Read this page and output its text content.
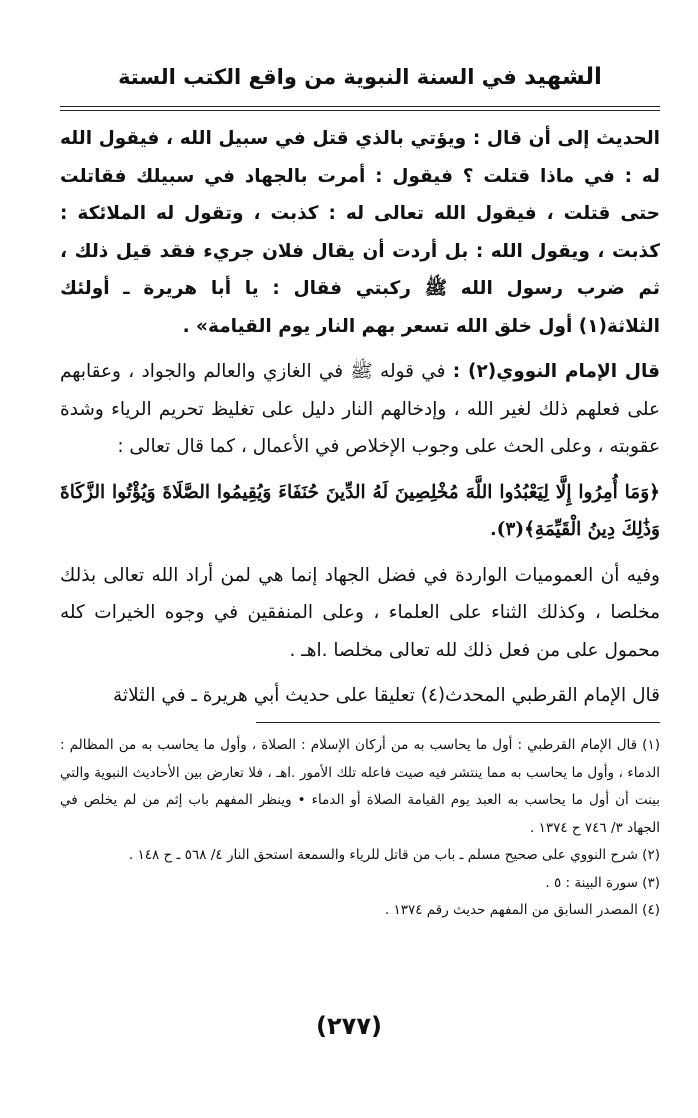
الشهيد في السنة النبوية من واقع الكتب الستة

الحديث إلى أن قال : ويؤتي بالذي قتل في سبيل الله ، فيقول الله له : في ماذا قتلت ؟ فيقول : أمرت بالجهاد في سبيلك فقاتلت حتى قتلت ، فيقول الله تعالى له : كذبت ، وتقول له الملائكة : كذبت ، ويقول الله : بل أردت أن يقال فلان جريء فقد قيل ذلك ، ثم ضرب رسول الله ﷺ ركبتي فقال : يا أبا هريرة ـ أولئك الثلاثة(١) أول خلق الله تسعر بهم النار يوم القيامة» .

قال الإمام النووي(٢) : في قوله ﷺ في الغازي والعالم والجواد ، وعقابهم على فعلهم ذلك لغير الله ، وإدخالهم النار دليل على تغليظ تحريم الرياء وشدة عقوبته ، وعلى الحث على وجوب الإخلاص في الأعمال ، كما قال تعالى :

﴿وَمَا أُمِرُوا إِلَّا لِيَعْبُدُوا اللَّهَ مُخْلِصِينَ لَهُ الدِّينَ حُنَفَاءَ وَيُقِيمُوا الصَّلَاةَ وَيُؤْتُوا الزَّكَاةَ وَذَٰلِكَ دِينُ الْقَيِّمَةِ﴾(٣).

وفيه أن العموميات الواردة في فضل الجهاد إنما هي لمن أراد الله تعالى بذلك مخلصا ، وكذلك الثناء على العلماء ، وعلى المنفقين في وجوه الخيرات كله محمول على من فعل ذلك لله تعالى مخلصا .اهـ .

قال الإمام القرطبي المحدث(٤) تعليقا على حديث أبي هريرة ـ في الثلاثة

(١) قال الإمام القرطبي : أول ما يحاسب به من أركان الإسلام : الصلاة ، وأول ما يحاسب به من المظالم : الدماء ، وأول ما يحاسب به مما ينتشر فيه صيت فاعله تلك الأمور .اهـ ، فلا تعارض بين الأحاديث النبوية والتي بينت أن أول ما يحاسب به العبد يوم القيامة الصلاة أو الدماء • وينظر المفهم باب إثم من لم يخلص في الجهاد ٣/ ٧٤٦ ح ١٣٧٤ .

(٢) شرح النووي على صحيح مسلم ـ باب من قاتل للرياء والسمعة استحق النار ٤/ ٥٦٨ ـ ح ١٤٨ .

(٣) سورة البينة : ٥ .

(٤) المصدر السابق من المفهم حديث رقم ١٣٧٤ .

(٢٧٧)
